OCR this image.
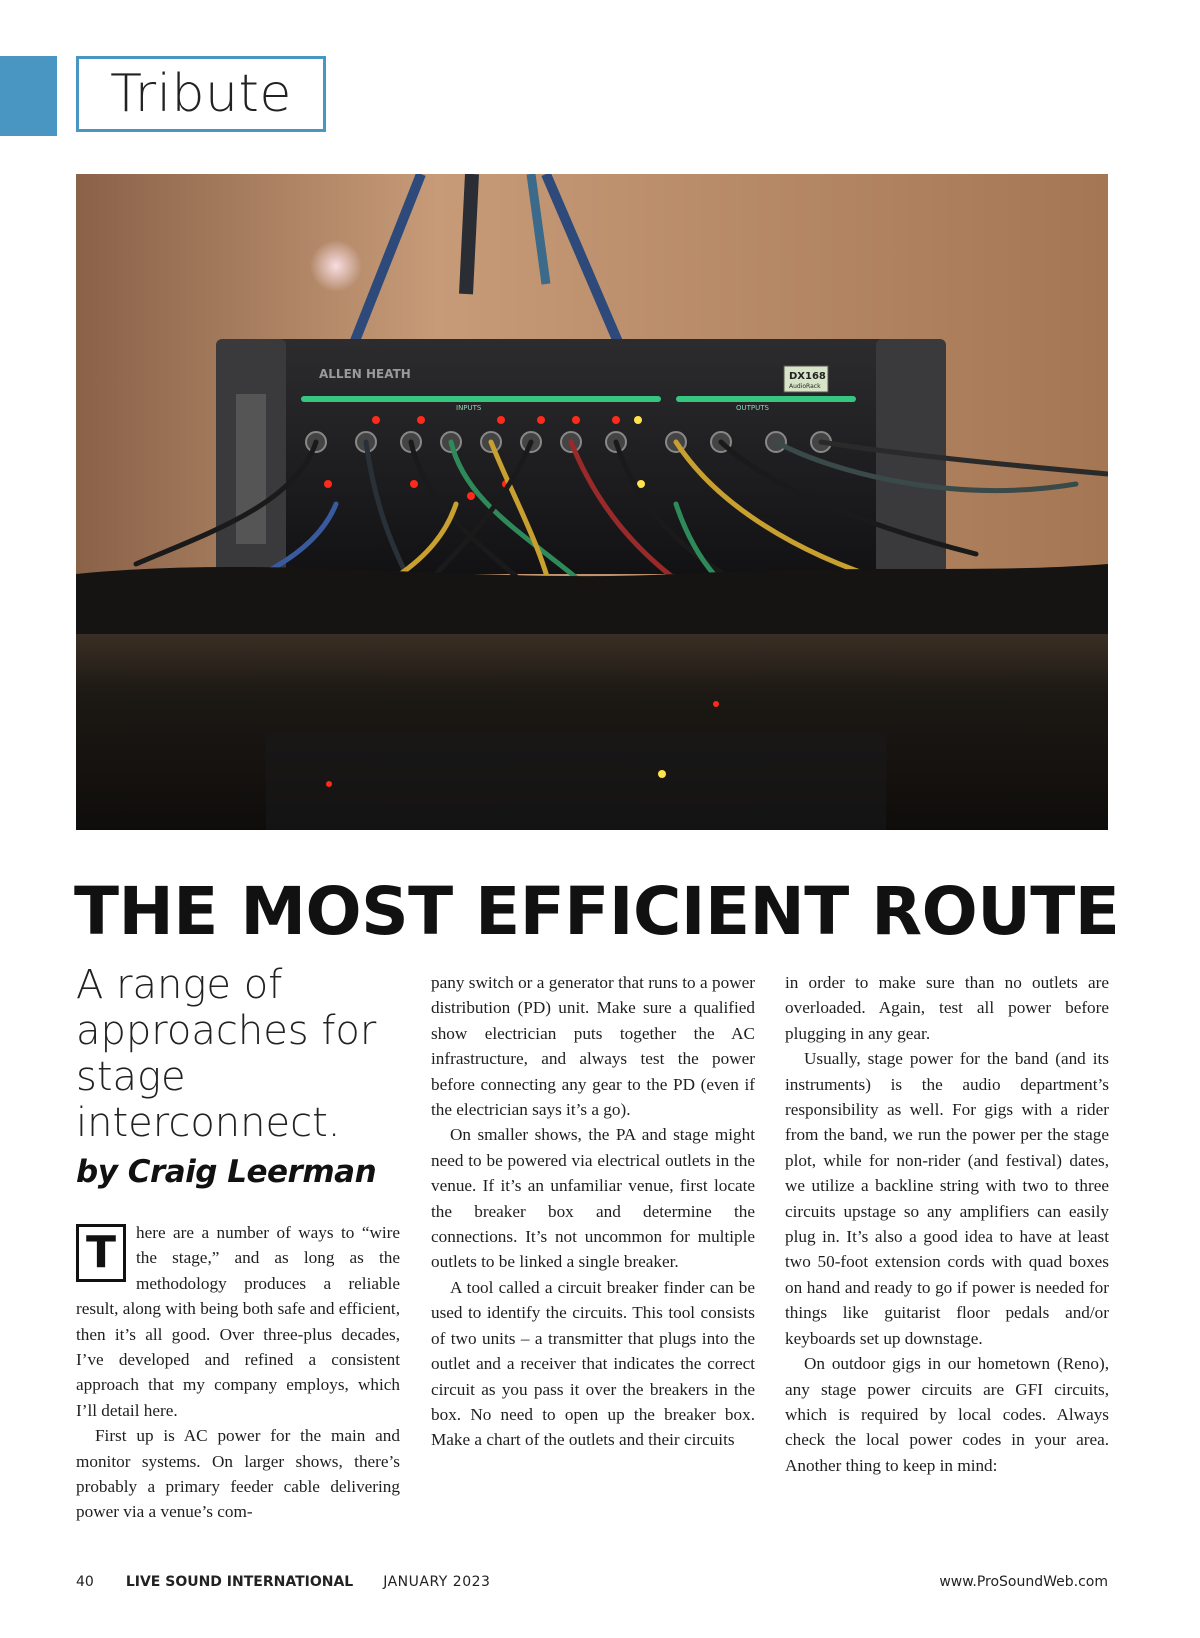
Tribute
ALLEN HEATH	DX168
AudioRack
INPUTS	OUTPUTS
THE MOST EFFICIENT ROUTE
A range of approaches for stage interconnect.
by Craig Leerman

T	here are a number of ways to “wire the stage,” and as long as the methodology produces a reliable result, along with being both safe and efficient, then it’s all good. Over three-plus decades, I’ve developed and refined a consistent approach that my company employs, which I’ll detail here.

First up is AC power for the main and monitor systems. On larger shows, there’s probably a primary feeder cable delivering power via a venue’s com-

pany switch or a generator that runs to a power distribution (PD) unit. Make sure a qualified show electrician puts together the AC infrastructure, and always test the power before connecting any gear to the PD (even if the electrician says it’s a go).

On smaller shows, the PA and stage might need to be powered via electrical outlets in the venue. If it’s an unfamiliar venue, first locate the breaker box and determine the connections. It’s not uncommon for multiple outlets to be linked a single breaker.

A tool called a circuit breaker finder can be used to identify the circuits. This tool consists of two units – a transmitter that plugs into the outlet and a receiver that indicates the correct circuit as you pass it over the breakers in the box. No need to open up the breaker box. Make a chart of the outlets and their circuits

in order to make sure than no outlets are overloaded. Again, test all power before plugging in any gear.

Usually, stage power for the band (and its instruments) is the audio department’s responsibility as well. For gigs with a rider from the band, we run the power per the stage plot, while for non-rider (and festival) dates, we utilize a backline string with two to three circuits upstage so any amplifiers can easily plug in. It’s also a good idea to have at least two 50-foot extension cords with quad boxes on hand and ready to go if power is needed for things like guitarist floor pedals and/or keyboards set up downstage.

On outdoor gigs in our hometown (Reno), any stage power circuits are GFI circuits, which is required by local codes. Always check the local power codes in your area. Another thing to keep in mind:

40 LIVE SOUND INTERNATIONAL JANUARY 2023	www.ProSoundWeb.com
